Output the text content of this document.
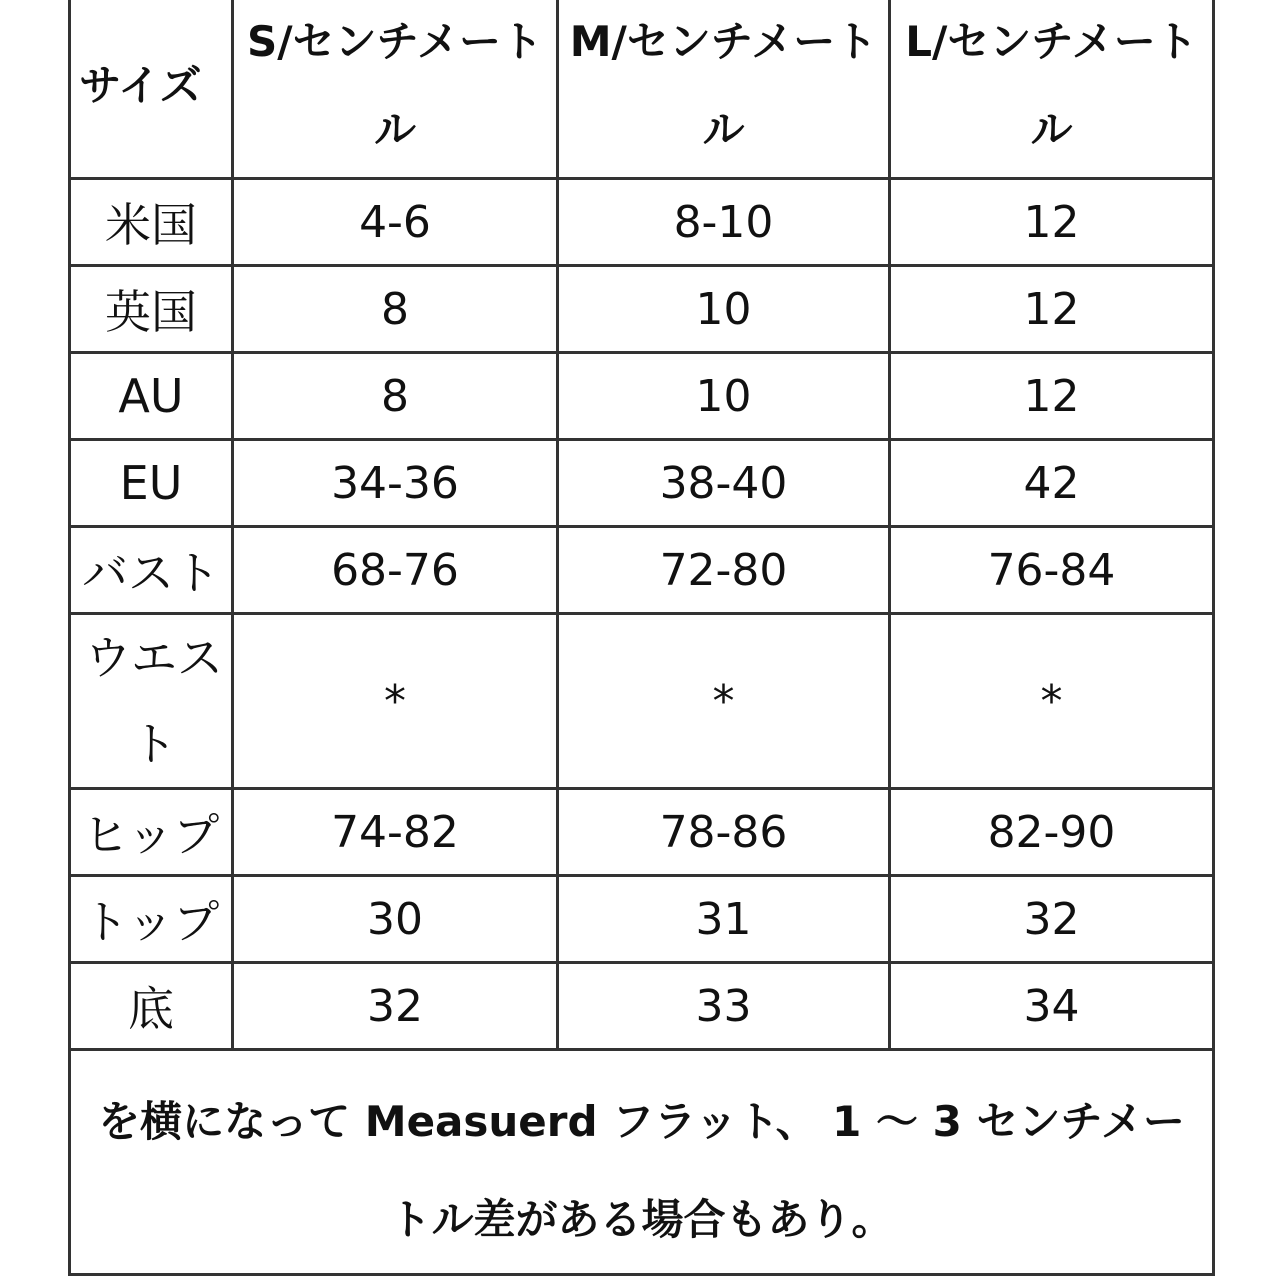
サイズ	S/センチメートル	M/センチメートル	L/センチメートル
米国	4-6	8-10	12
英国	8	10	12
AU	8	10	12
EU	34-36	38-40	42
バスト	68-76	72-80	76-84
ウエスト	*	*	*
ヒップ	74-82	78-86	82-90
トップ	30	31	32
底	32	33	34
を横になって Measuerd フラット、 1 〜 3 センチメートル差がある場合もあり。			
